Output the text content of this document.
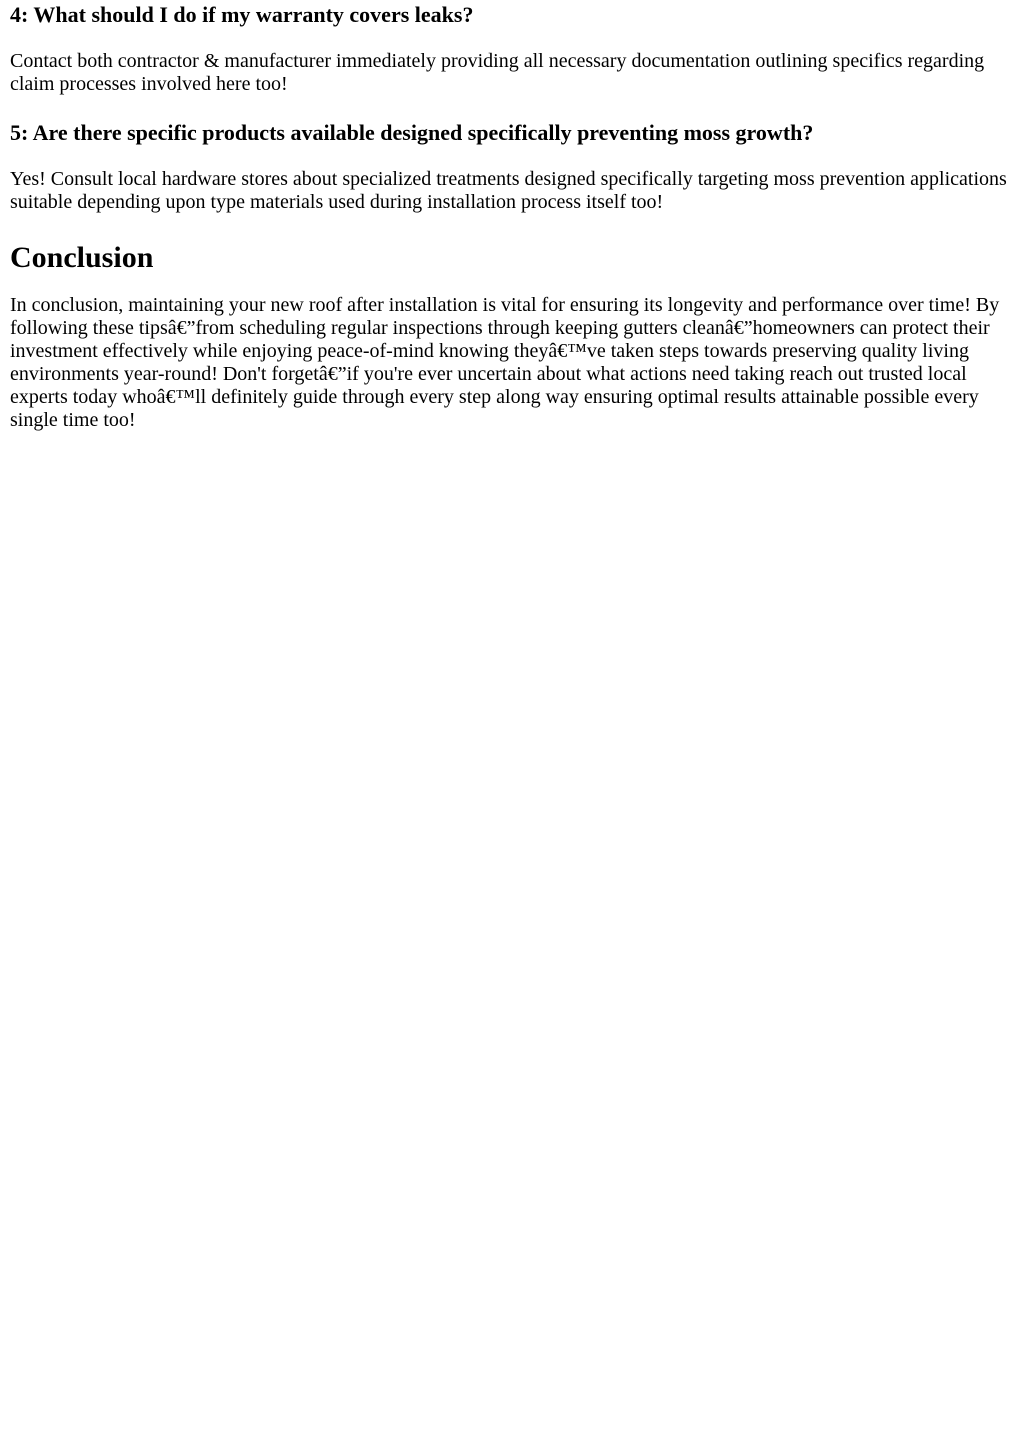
4: What should I do if my warranty covers leaks?

Contact both contractor & manufacturer immediately providing all necessary documentation outlining specifics regarding claim processes involved here too!

5: Are there specific products available designed specifically preventing moss growth?

Yes! Consult local hardware stores about specialized treatments designed specifically targeting moss prevention applications suitable depending upon type materials used during installation process itself too!

Conclusion

In conclusion, maintaining your new roof after installation is vital for ensuring its longevity and performance over time! By following these tipsâ€”from scheduling regular inspections through keeping gutters cleanâ€”homeowners can protect their investment effectively while enjoying peace-of-mind knowing theyâ€™ve taken steps towards preserving quality living environments year-round! Don't forgetâ€”if you're ever uncertain about what actions need taking reach out trusted local experts today whoâ€™ll definitely guide through every step along way ensuring optimal results attainable possible every single time too!
